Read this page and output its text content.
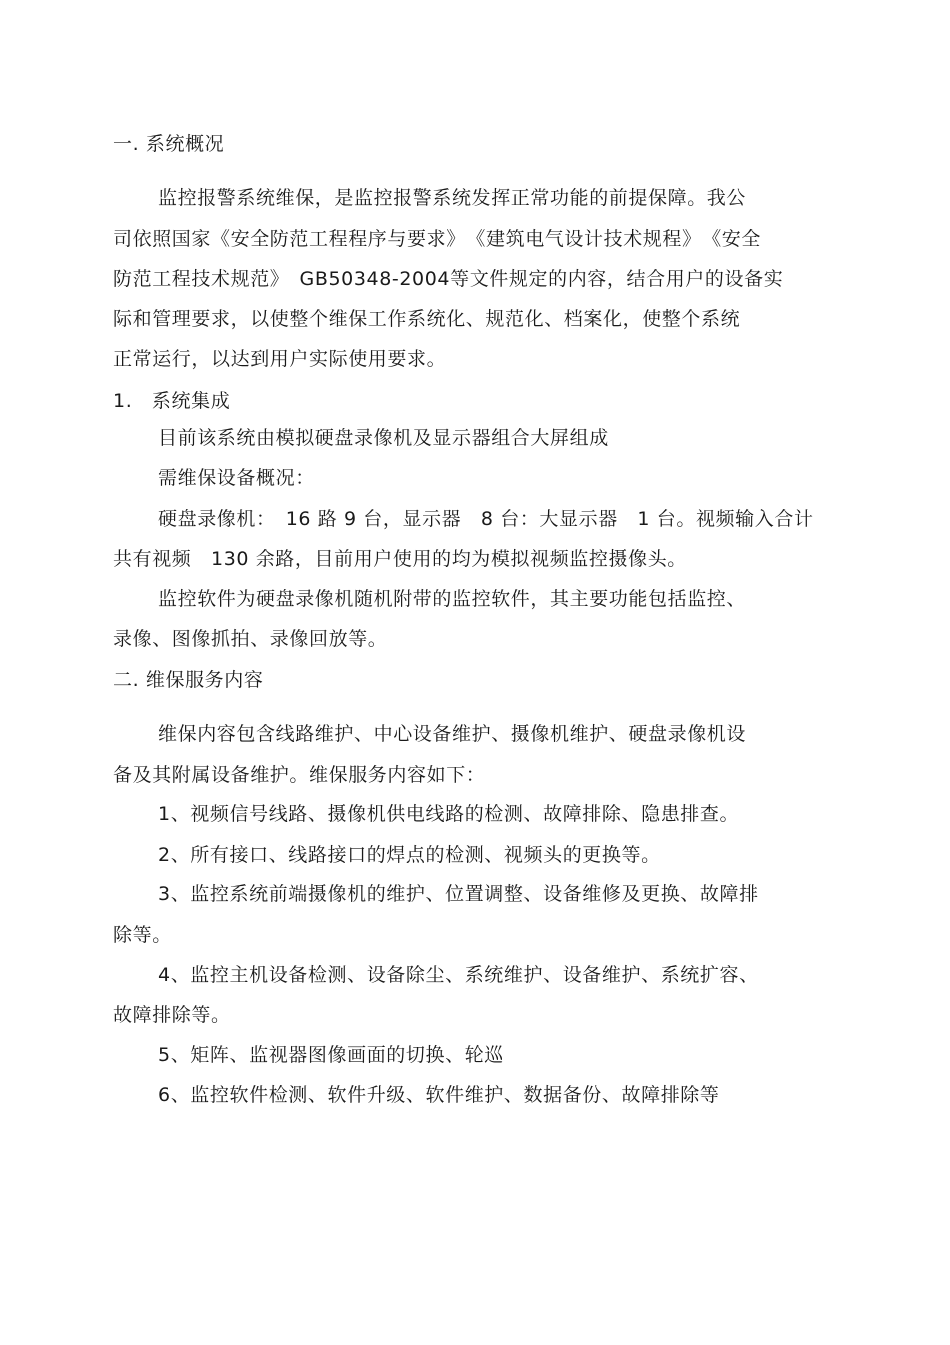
一. 系统概况
监控报警系统维保，是监控报警系统发挥正常功能的前提保障。我公
司依照国家《安全防范工程程序与要求》　《建筑电气设计技术规程》　《安全
防范工程技术规范》　GB50348-2004等文件规定的内容，结合用户的设备实
际和管理要求，以使整个维保工作系统化、规范化、档案化，使整个系统
正常运行，以达到用户实际使用要求。
1.　系统集成
目前该系统由模拟硬盘录像机及显示器组合大屏组成
需维保设备概况：
硬盘录像机：　16 路 9 台，显示器　8 台：大显示器　1 台。视频输入合计
共有视频　130 余路，目前用户使用的均为模拟视频监控摄像头。
监控软件为硬盘录像机随机附带的监控软件，其主要功能包括监控、
录像、图像抓拍、录像回放等。
二. 维保服务内容
维保内容包含线路维护、中心设备维护、摄像机维护、硬盘录像机设
备及其附属设备维护。维保服务内容如下：
1、视频信号线路、摄像机供电线路的检测、故障排除、隐患排查。
2、所有接口、线路接口的焊点的检测、视频头的更换等。
3、监控系统前端摄像机的维护、位置调整、设备维修及更换、故障排
除等。
4、监控主机设备检测、设备除尘、系统维护、设备维护、系统扩容、
故障排除等。
5、矩阵、监视器图像画面的切换、轮巡
6、监控软件检测、软件升级、软件维护、数据备份、故障排除等
